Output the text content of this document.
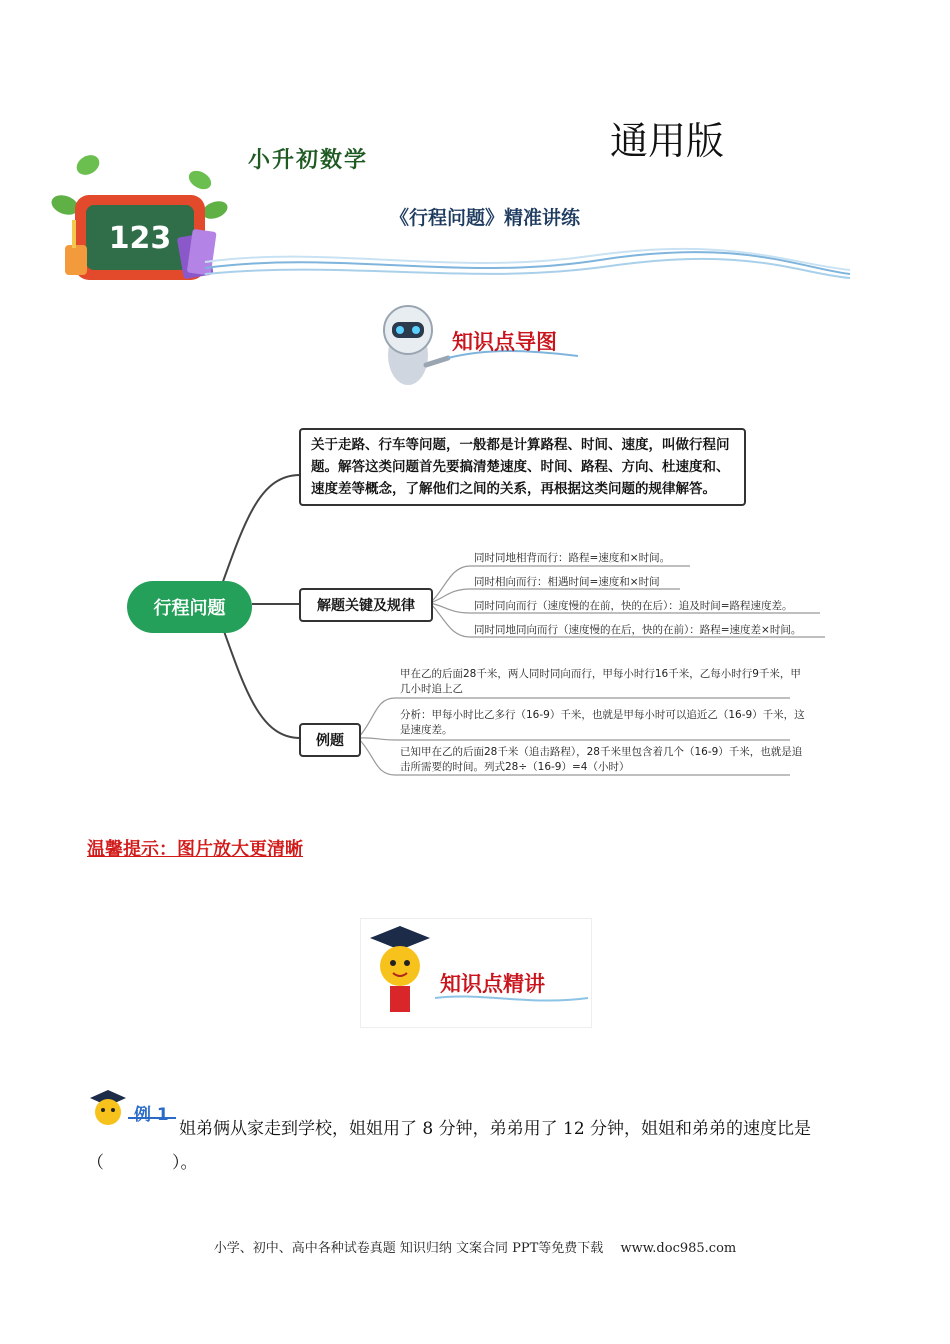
通用版
小升初数学
《行程问题》精准讲练
123
知识点导图
行程问题
关于走路、行车等问题，一般都是计算路程、时间、速度，叫做行程问题。解答这类问题首先要搞清楚速度、时间、路程、方向、杜速度和、速度差等概念，了解他们之间的关系，再根据这类问题的规律解答。
解题关键及规律
例题
同时同地相背而行：路程=速度和×时间。
同时相向而行：相遇时间=速度和×时间
同时同向而行（速度慢的在前，快的在后）：追及时间=路程速度差。
同时同地同向而行（速度慢的在后，快的在前）：路程=速度差×时间。
甲在乙的后面28千米，两人同时同向而行，甲每小时行16千米，乙每小时行9千米，甲几小时追上乙
分析：甲每小时比乙多行（16-9）千米，也就是甲每小时可以追近乙（16-9）千米，这是速度差。
已知甲在乙的后面28千米（追击路程），28千米里包含着几个（16-9）千米，也就是追击所需要的时间。列式28÷（16-9）=4（小时）
温馨提示：图片放大更清晰
知识点精讲
例 1
姐弟俩从家走到学校，姐姐用了 8 分钟，弟弟用了 12 分钟，姐姐和弟弟的速度比是（　　　　）。
小学、初中、高中各种试卷真题 知识归纳 文案合同 PPT等免费下载　 www.doc985.com
